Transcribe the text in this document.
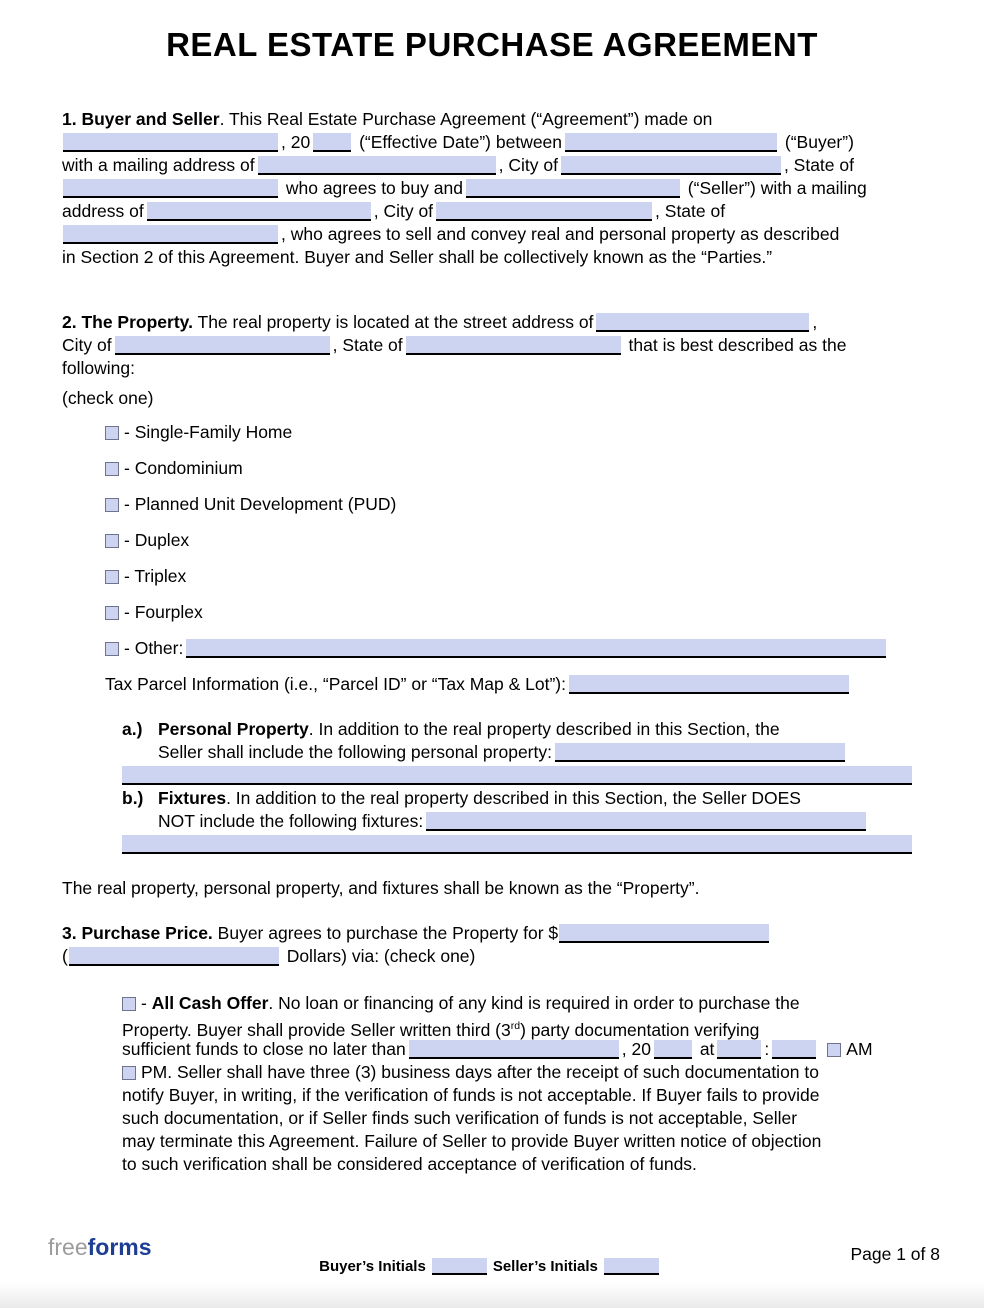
REAL ESTATE PURCHASE AGREEMENT
1. Buyer and Seller. This Real Estate Purchase Agreement (“Agreement”) made on
, 20	(“Effective Date”) between	(“Buyer”)
with a mailing address of	, City of	, State of
who agrees to buy and	(“Seller”) with a mailing
address of	, City of	, State of
, who agrees to sell and convey real and personal property as described
in Section 2 of this Agreement. Buyer and Seller shall be collectively known as the “Parties.”
2. The Property. The real property is located at the street address of	,
City of	, State of	that is best described as the
following:
(check one)
- Single-Family Home
- Condominium
- Planned Unit Development (PUD)
- Duplex
- Triplex
- Fourplex
- Other:
Tax Parcel Information (i.e., “Parcel ID” or “Tax Map & Lot”):
a.) Personal Property. In addition to the real property described in this Section, the
Seller shall include the following personal property:
b.) Fixtures. In addition to the real property described in this Section, the Seller DOES
NOT include the following fixtures:
The real property, personal property, and fixtures shall be known as the “Property”.
3. Purchase Price. Buyer agrees to purchase the Property for $
(	Dollars) via: (check one)
- All Cash Offer. No loan or financing of any kind is required in order to purchase the
Property. Buyer shall provide Seller written third (3rd) party documentation verifying
sufficient funds to close no later than	, 20	at	:	AM
PM. Seller shall have three (3) business days after the receipt of such documentation to
notify Buyer, in writing, if the verification of funds is not acceptable. If Buyer fails to provide
such documentation, or if Seller finds such verification of funds is not acceptable, Seller
may terminate this Agreement. Failure of Seller to provide Buyer written notice of objection
to such verification shall be considered acceptance of verification of funds.
freeforms
Buyer’s Initials	Seller’s Initials
Page 1 of 8
